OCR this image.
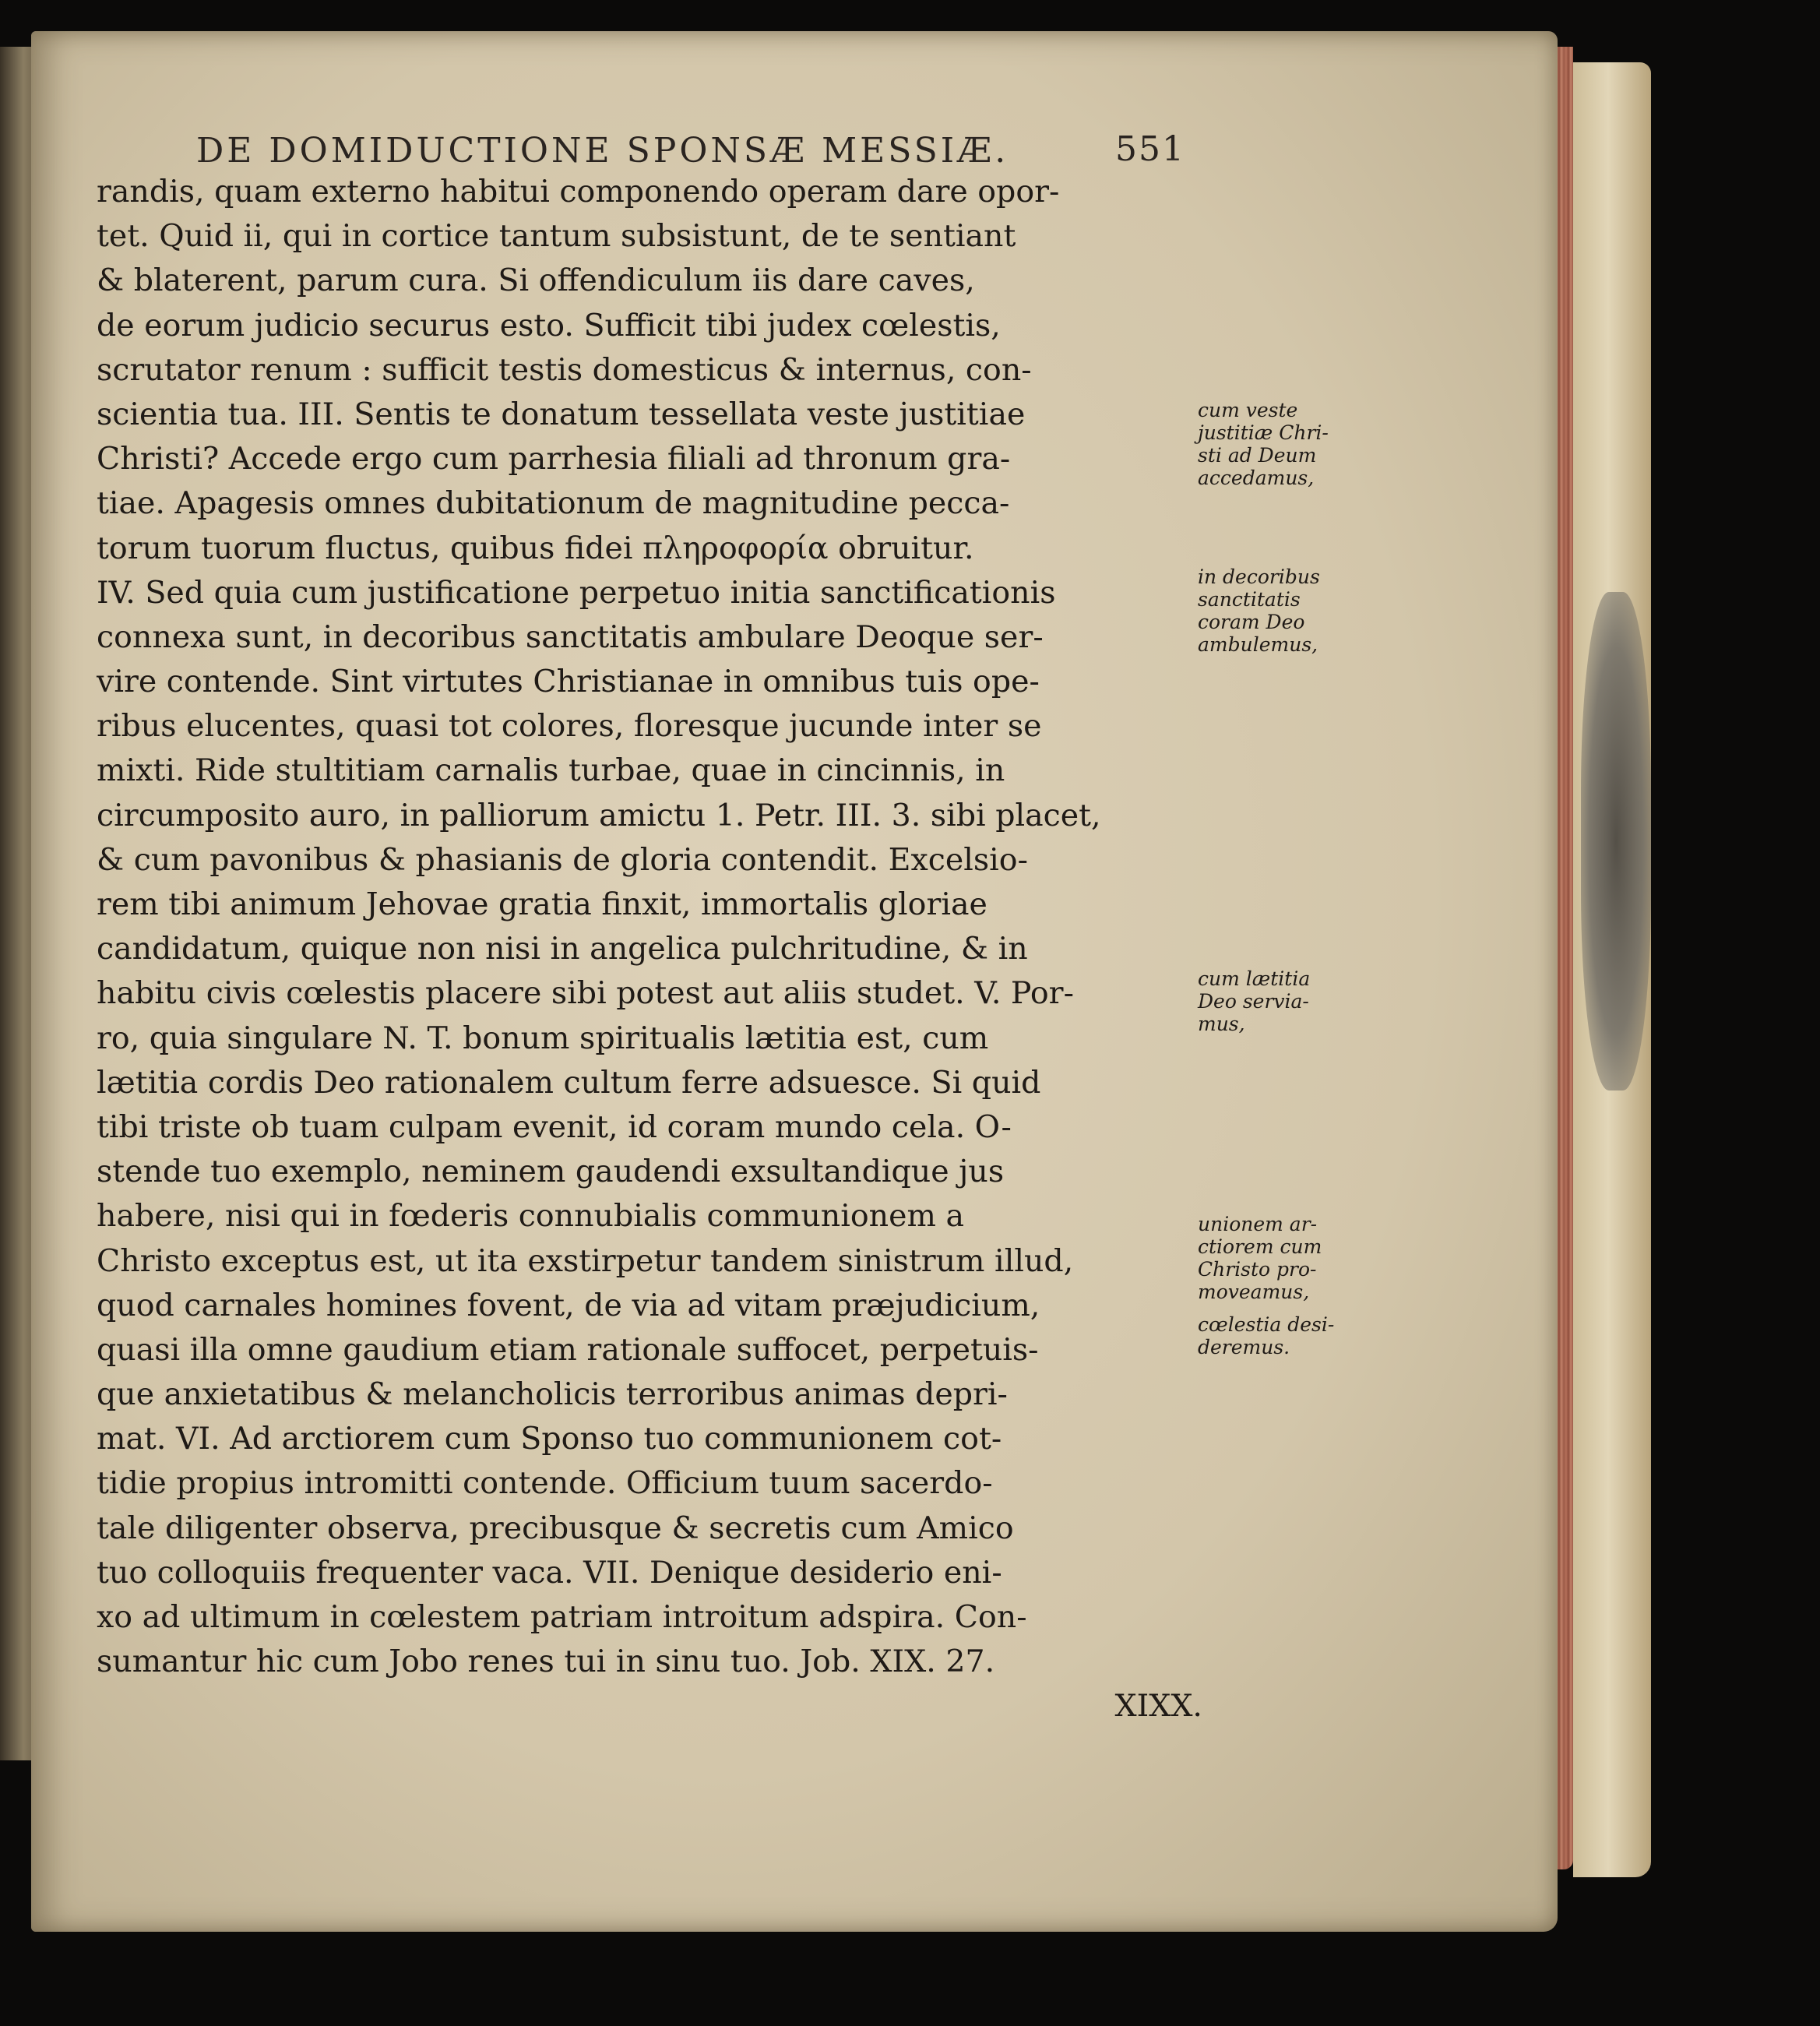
DE DOMIDUCTIONE SPONSÆ MESSIÆ.	551
randis, quam externo habitui componendo operam dare opor-
tet. Quid ii, qui in cortice tantum subsistunt, de te sentiant
& blaterent, parum cura. Si offendiculum iis dare caves,
de eorum judicio securus esto. Sufficit tibi judex cœlestis,
scrutator renum : sufficit testis domesticus & internus, con-
scientia tua. III. Sentis te donatum tessellata veste justitiae
Christi? Accede ergo cum parrhesia filiali ad thronum gra-
tiae. Apagesis omnes dubitationum de magnitudine pecca-
torum tuorum fluctus, quibus fidei πληροφορία obruitur.
IV. Sed quia cum justificatione perpetuo initia sanctificationis
connexa sunt, in decoribus sanctitatis ambulare Deoque ser-
vire contende. Sint virtutes Christianae in omnibus tuis ope-
ribus elucentes, quasi tot colores, floresque jucunde inter se
mixti. Ride stultitiam carnalis turbae, quae in cincinnis, in
circumposito auro, in palliorum amictu 1. Petr. III. 3. sibi placet,
& cum pavonibus & phasianis de gloria contendit. Excelsio-
rem tibi animum Jehovae gratia finxit, immortalis gloriae
candidatum, quique non nisi in angelica pulchritudine, & in
habitu civis cœlestis placere sibi potest aut aliis studet. V. Por-
ro, quia singulare N. T. bonum spiritualis lætitia est, cum
lætitia cordis Deo rationalem cultum ferre adsuesce. Si quid
tibi triste ob tuam culpam evenit, id coram mundo cela. O-
stende tuo exemplo, neminem gaudendi exsultandique jus
habere, nisi qui in fœderis connubialis communionem a
Christo exceptus est, ut ita exstirpetur tandem sinistrum illud,
quod carnales homines fovent, de via ad vitam præjudicium,
quasi illa omne gaudium etiam rationale suffocet, perpetuis-
que anxietatibus & melancholicis terroribus animas depri-
mat. VI. Ad arctiorem cum Sponso tuo communionem cot-
tidie propius intromitti contende. Officium tuum sacerdo-
tale diligenter observa, precibusque & secretis cum Amico
tuo colloquiis frequenter vaca. VII. Denique desiderio eni-
xo ad ultimum in cœlestem patriam introitum adspira. Con-
sumantur hic cum Jobo renes tui in sinu tuo. Job. XIX. 27.
XIXX.
cum veste
justitiæ Chri-
sti ad Deum
accedamus,
in decoribus
sanctitatis
coram Deo
ambulemus,
cum lætitia
Deo servia-
mus,
unionem ar-
ctiorem cum
Christo pro-
moveamus,
cœlestia desi-
deremus.
